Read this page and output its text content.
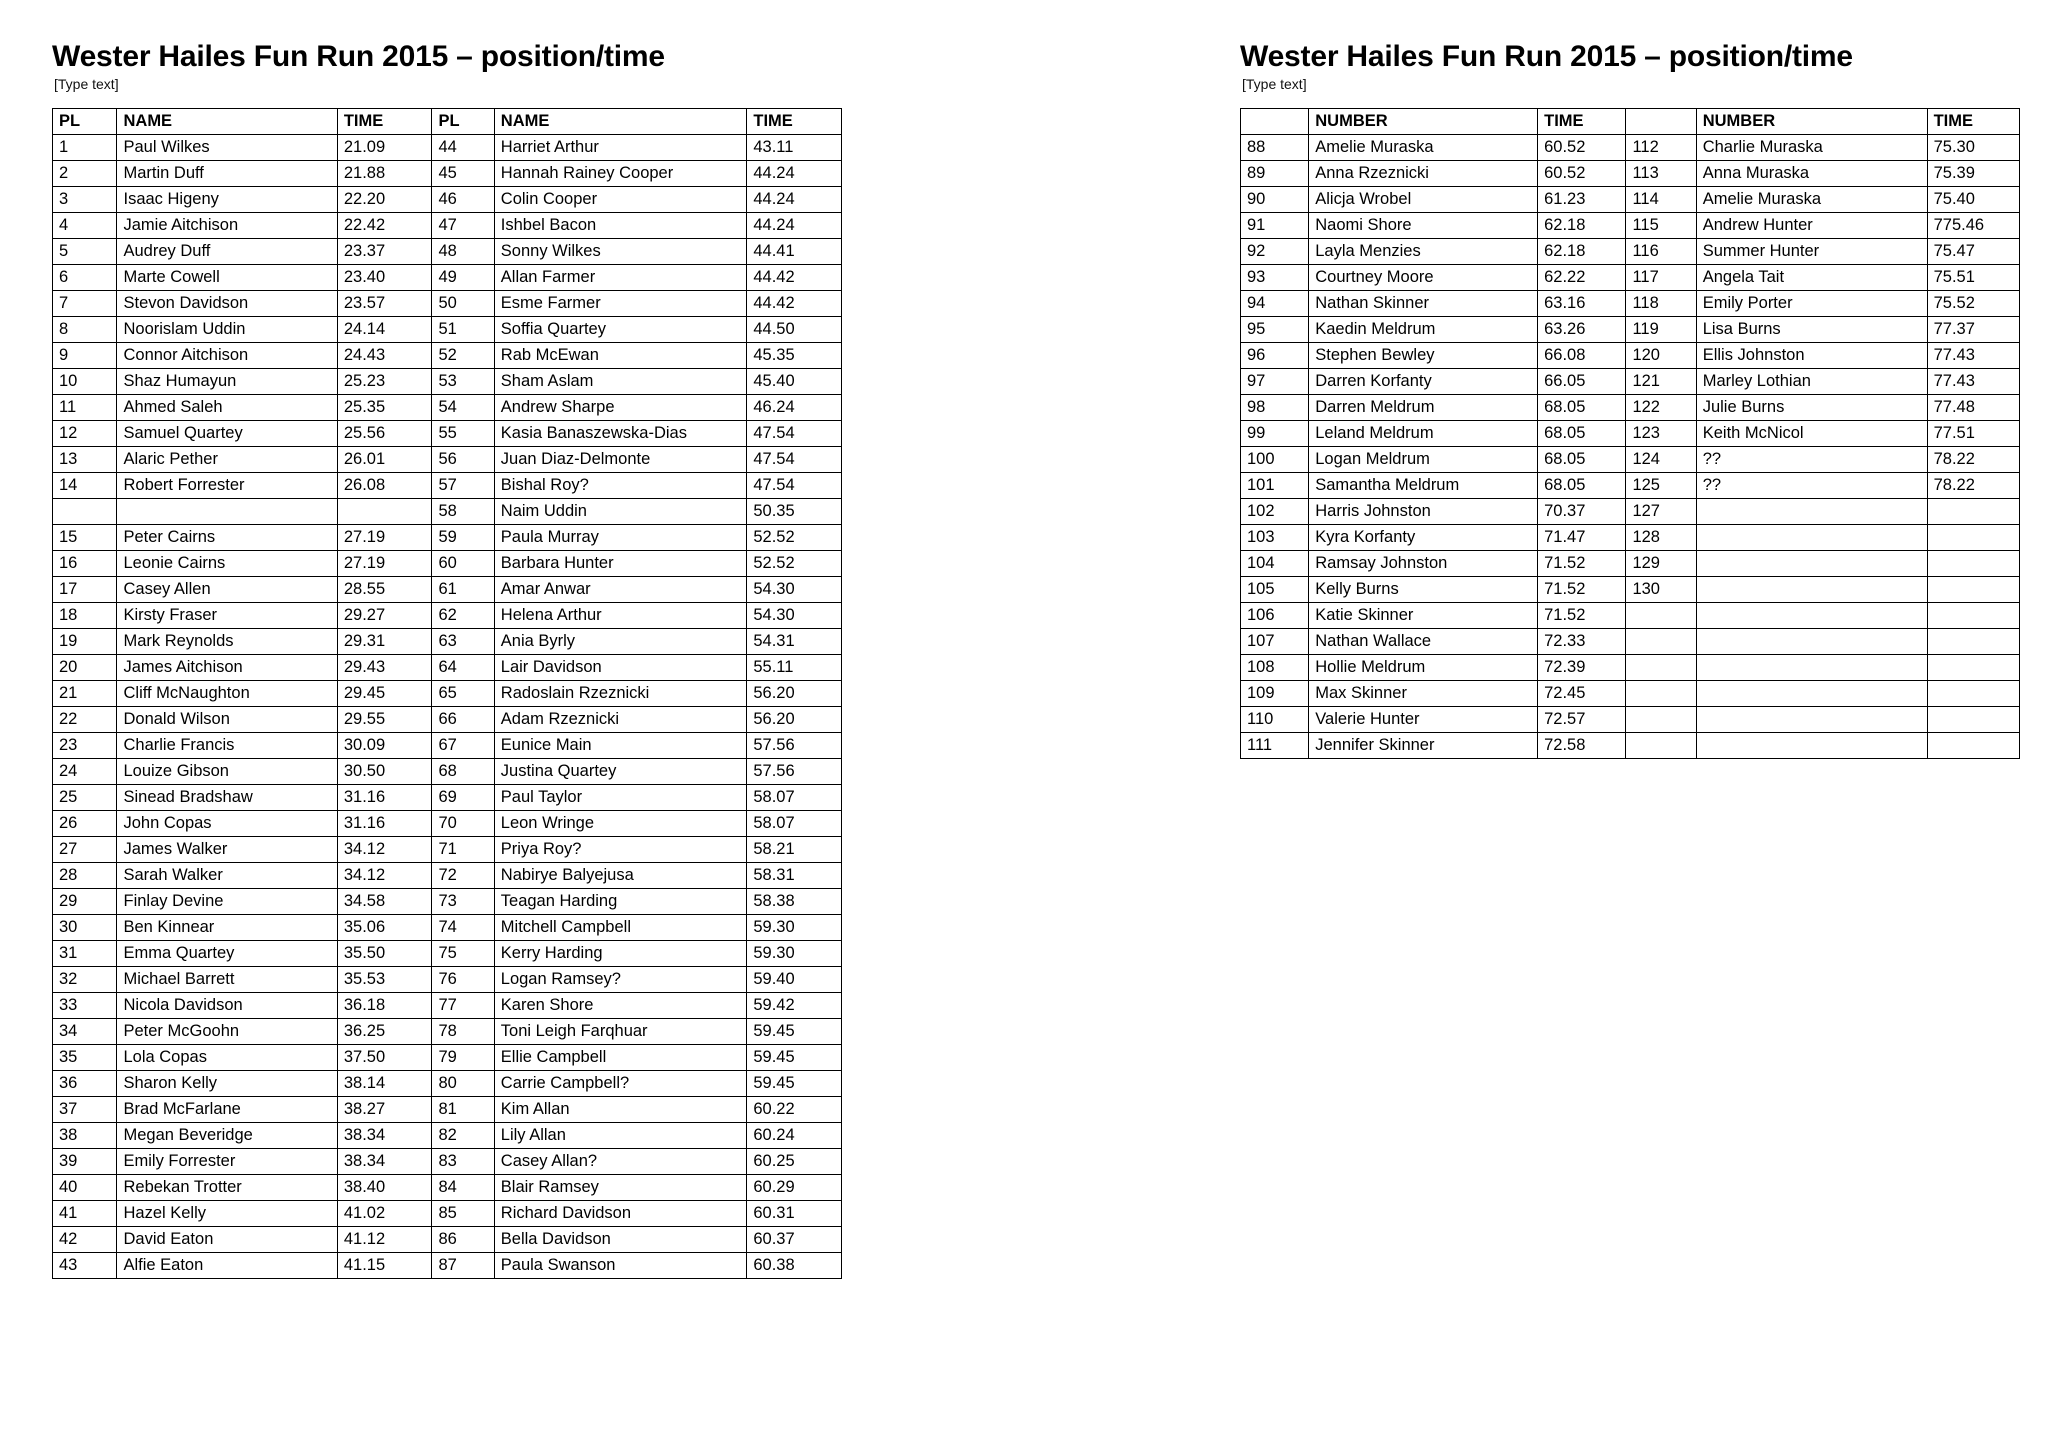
Wester Hailes Fun Run 2015 – position/time
[Type text]
PL	NAME	TIME	PL	NAME	TIME
1	Paul Wilkes	21.09	44	Harriet Arthur	43.11
2	Martin Duff	21.88	45	Hannah Rainey Cooper	44.24
3	Isaac Higeny	22.20	46	Colin Cooper	44.24
4	Jamie Aitchison	22.42	47	Ishbel Bacon	44.24
5	Audrey Duff	23.37	48	Sonny Wilkes	44.41
6	Marte Cowell	23.40	49	Allan Farmer	44.42
7	Stevon Davidson	23.57	50	Esme Farmer	44.42
8	Noorislam Uddin	24.14	51	Soffia Quartey	44.50
9	Connor Aitchison	24.43	52	Rab McEwan	45.35
10	Shaz Humayun	25.23	53	Sham Aslam	45.40
11	Ahmed Saleh	25.35	54	Andrew Sharpe	46.24
12	Samuel Quartey	25.56	55	Kasia Banaszewska-Dias	47.54
13	Alaric Pether	26.01	56	Juan Diaz-Delmonte	47.54
14	Robert Forrester	26.08	57	Bishal Roy?	47.54
			58	Naim Uddin	50.35
15	Peter Cairns	27.19	59	Paula Murray	52.52
16	Leonie Cairns	27.19	60	Barbara Hunter	52.52
17	Casey Allen	28.55	61	Amar Anwar	54.30
18	Kirsty Fraser	29.27	62	Helena Arthur	54.30
19	Mark Reynolds	29.31	63	Ania Byrly	54.31
20	James Aitchison	29.43	64	Lair Davidson	55.11
21	Cliff McNaughton	29.45	65	Radoslain Rzeznicki	56.20
22	Donald Wilson	29.55	66	Adam Rzeznicki	56.20
23	Charlie Francis	30.09	67	Eunice Main	57.56
24	Louize Gibson	30.50	68	Justina Quartey	57.56
25	Sinead Bradshaw	31.16	69	Paul Taylor	58.07
26	John Copas	31.16	70	Leon Wringe	58.07
27	James Walker	34.12	71	Priya Roy?	58.21
28	Sarah Walker	34.12	72	Nabirye Balyejusa	58.31
29	Finlay Devine	34.58	73	Teagan Harding	58.38
30	Ben Kinnear	35.06	74	Mitchell Campbell	59.30
31	Emma Quartey	35.50	75	Kerry Harding	59.30
32	Michael Barrett	35.53	76	Logan Ramsey?	59.40
33	Nicola Davidson	36.18	77	Karen Shore	59.42
34	Peter McGoohn	36.25	78	Toni Leigh Farqhuar	59.45
35	Lola Copas	37.50	79	Ellie Campbell	59.45
36	Sharon Kelly	38.14	80	Carrie Campbell?	59.45
37	Brad McFarlane	38.27	81	Kim Allan	60.22
38	Megan Beveridge	38.34	82	Lily Allan	60.24
39	Emily Forrester	38.34	83	Casey Allan?	60.25
40	Rebekan Trotter	38.40	84	Blair Ramsey	60.29
41	Hazel Kelly	41.02	85	Richard Davidson	60.31
42	David Eaton	41.12	86	Bella Davidson	60.37
43	Alfie Eaton	41.15	87	Paula Swanson	60.38
Wester Hailes Fun Run 2015 – position/time
[Type text]
	NUMBER	TIME		NUMBER	TIME
88	Amelie Muraska	60.52	112	Charlie Muraska	75.30
89	Anna Rzeznicki	60.52	113	Anna Muraska	75.39
90	Alicja Wrobel	61.23	114	Amelie Muraska	75.40
91	Naomi Shore	62.18	115	Andrew Hunter	775.46
92	Layla Menzies	62.18	116	Summer Hunter	75.47
93	Courtney Moore	62.22	117	Angela Tait	75.51
94	Nathan Skinner	63.16	118	Emily Porter	75.52
95	Kaedin Meldrum	63.26	119	Lisa Burns	77.37
96	Stephen Bewley	66.08	120	Ellis Johnston	77.43
97	Darren Korfanty	66.05	121	Marley Lothian	77.43
98	Darren Meldrum	68.05	122	Julie Burns	77.48
99	Leland Meldrum	68.05	123	Keith McNicol	77.51
100	Logan Meldrum	68.05	124	??	78.22
101	Samantha Meldrum	68.05	125	??	78.22
102	Harris Johnston	70.37	127		
103	Kyra Korfanty	71.47	128		
104	Ramsay Johnston	71.52	129		
105	Kelly Burns	71.52	130		
106	Katie Skinner	71.52			
107	Nathan Wallace	72.33			
108	Hollie Meldrum	72.39			
109	Max Skinner	72.45			
110	Valerie Hunter	72.57			
111	Jennifer Skinner	72.58			
